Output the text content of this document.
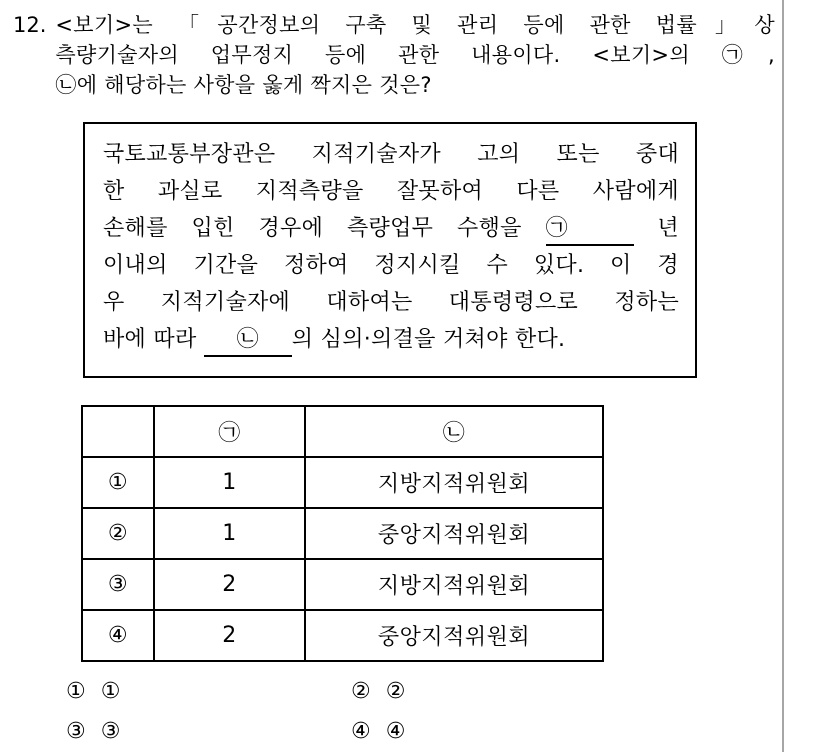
12. <보기>는 「공간정보의 구축 및 관리 등에 관한 법률」상
측량기술자의 업무정지 등에 관한 내용이다. <보기>의 ㉠,
㉡에 해당하는 사항을 옳게 짝지은 것은?
국토교통부장관은 지적기술자가 고의 또는 중대
한 과실로 지적측량을 잘못하여 다른 사람에게
손해를 입힌 경우에 측량업무 수행을 ㉠	년
이내의 기간을 정하여 정지시킬 수 있다. 이 경
우 지적기술자에 대하여는 대통령령으로 정하는
바에 따라 ㉡ 의 심의·의결을 거쳐야 한다.
	㉠	㉡
①	1	지방지적위원회
②	1	중앙지적위원회
③	2	지방지적위원회
④	2	중앙지적위원회
① ①	② ②
③ ③	④ ④
